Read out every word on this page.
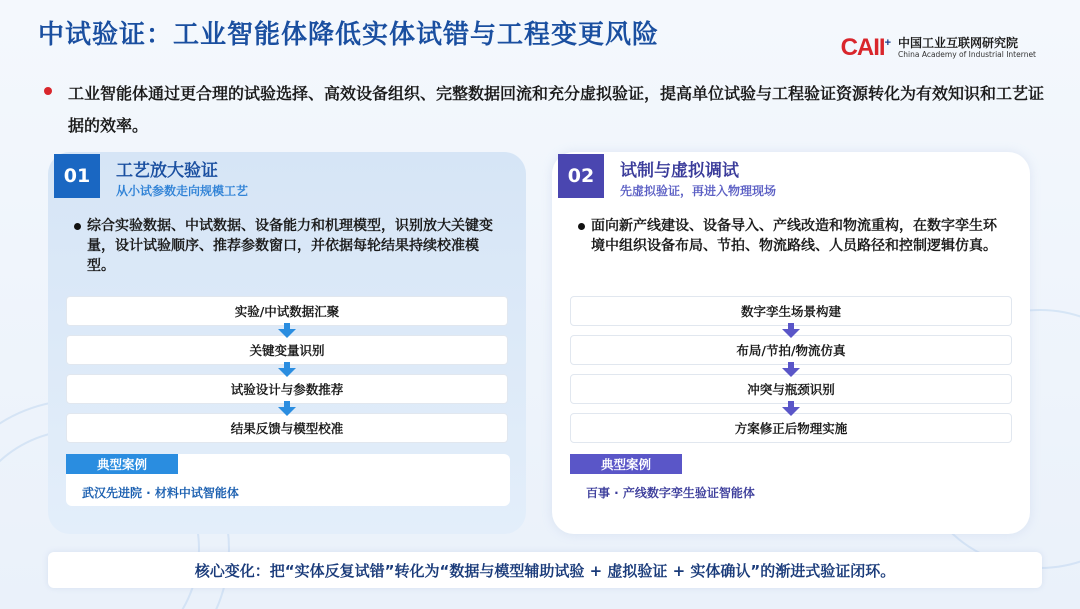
中试验证：工业智能体降低实体试错与工程变更风险	CAII+ 中国工业互联网研究院
China Academy of Industrial Internet
工业智能体通过更合理的试验选择、高效设备组织、完整数据回流和充分虚拟验证，提高单位试验与工程验证资源转化为有效知识和工艺证据的效率。
01	工艺放大验证
从小试参数走向规模工艺
综合实验数据、中试数据、设备能力和机理模型，识别放大关键变量，设计试验顺序、推荐参数窗口，并依据每轮结果持续校准模型。
实验/中试数据汇聚
关键变量识别
试验设计与参数推荐
结果反馈与模型校准
典型案例
武汉先进院 · 材料中试智能体
02	试制与虚拟调试
先虚拟验证，再进入物理现场
面向新产线建设、设备导入、产线改造和物流重构，在数字孪生环境中组织设备布局、节拍、物流路线、人员路径和控制逻辑仿真。
数字孪生场景构建
布局/节拍/物流仿真
冲突与瓶颈识别
方案修正后物理实施
典型案例
百事 · 产线数字孪生验证智能体
核心变化：把“实体反复试错”转化为“数据与模型辅助试验 + 虚拟验证 + 实体确认”的渐进式验证闭环。
